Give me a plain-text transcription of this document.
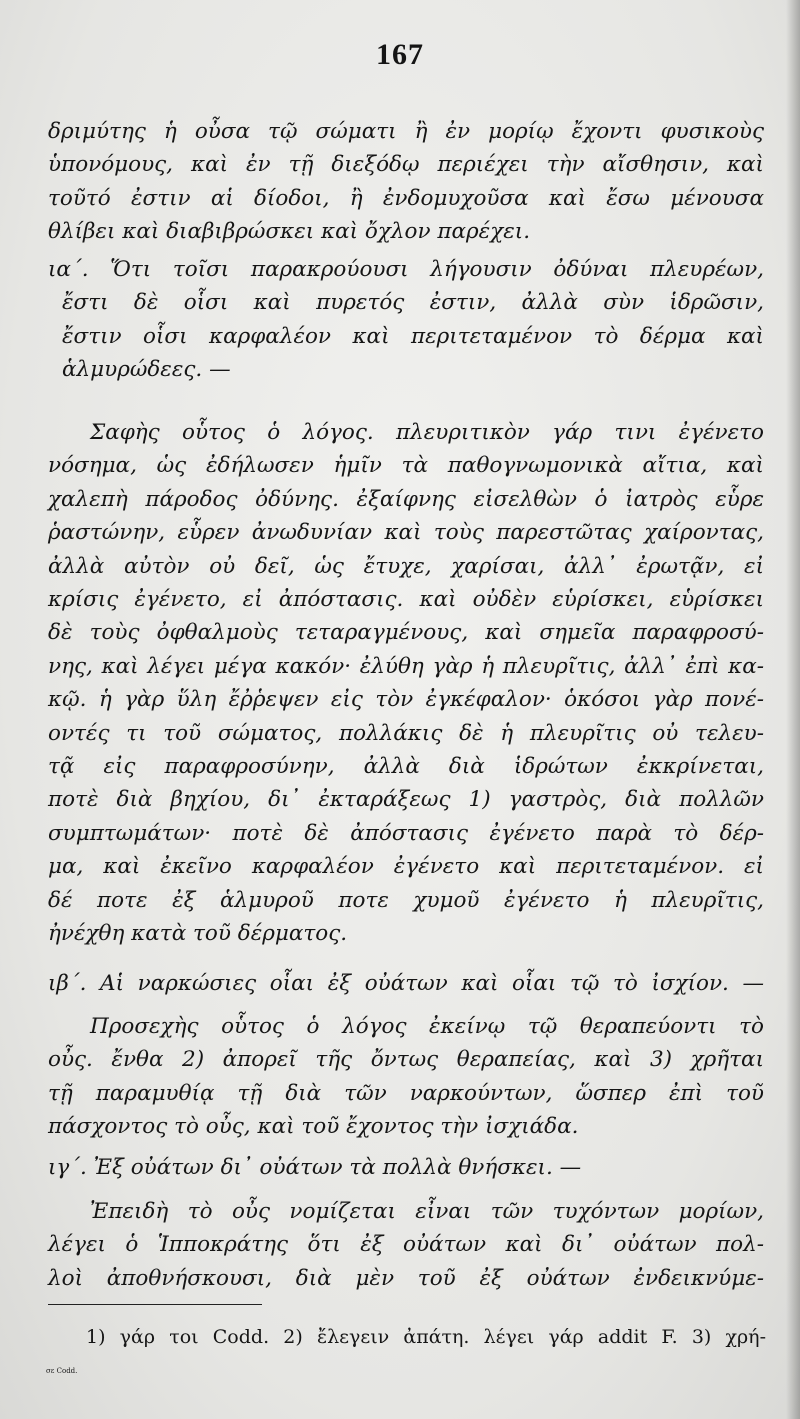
167
δριμύτης ἡ οὖσα τῷ σώματι ἢ ἐν μορίῳ ἔχοντι φυσικοὺς
ὑπονόμους, καὶ ἐν τῇ διεξόδῳ περιέχει τὴν αἴσθησιν, καὶ
τοῦτό ἐστιν αἱ δίοδοι, ἢ ἐνδομυχοῦσα καὶ ἔσω μένουσα
θλίβει καὶ διαβιβρώσκει καὶ ὄχλον παρέχει.
ια΄. Ὅτι τοῖσι παρακρούουσι λήγουσιν ὀδύναι πλευρέων,
ἔστι δὲ οἷσι καὶ πυρετός ἐστιν, ἀλλὰ σὺν ἱδρῶσιν,
ἔστιν οἷσι καρφαλέον καὶ περιτεταμένον τὸ δέρμα καὶ
ἁλμυρώδεες. —
Σαφὴς οὗτος ὁ λόγος. πλευριτικὸν γάρ τινι ἐγένετο
νόσημα, ὡς ἐδήλωσεν ἡμῖν τὰ παθογνωμονικὰ αἴτια, καὶ
χαλεπὴ πάροδος ὀδύνης. ἐξαίφνης εἰσελθὼν ὁ ἰατρὸς εὗρε
ῥαστώνην, εὗρεν ἀνωδυνίαν καὶ τοὺς παρεστῶτας χαίροντας,
ἀλλὰ αὐτὸν οὐ δεῖ, ὡς ἔτυχε, χαρίσαι, ἀλλ᾽ ἐρωτᾷν, εἰ
κρίσις ἐγένετο, εἰ ἀπόστασις. καὶ οὐδὲν εὑρίσκει, εὑρίσκει
δὲ τοὺς ὀφθαλμοὺς τεταραγμένους, καὶ σημεῖα παραφροσύ-
νης, καὶ λέγει μέγα κακόν· ἐλύθη γὰρ ἡ πλευρῖτις, ἀλλ᾽ ἐπὶ κα-
κῷ. ἡ γὰρ ὕλη ἔῤῥεψεν εἰς τὸν ἐγκέφαλον· ὁκόσοι γὰρ πονέ-
οντές τι τοῦ σώματος, πολλάκις δὲ ἡ πλευρῖτις οὐ τελευ-
τᾷ εἰς παραφροσύνην, ἀλλὰ διὰ ἱδρώτων ἐκκρίνεται,
ποτὲ διὰ βηχίου, δι᾽ ἐκταράξεως 1) γαστρὸς, διὰ πολλῶν
συμπτωμάτων· ποτὲ δὲ ἀπόστασις ἐγένετο παρὰ τὸ δέρ-
μα, καὶ ἐκεῖνο καρφαλέον ἐγένετο καὶ περιτεταμένον. εἰ
δέ ποτε ἐξ ἁλμυροῦ ποτε χυμοῦ ἐγένετο ἡ πλευρῖτις,
ἠνέχθη κατὰ τοῦ δέρματος.
ιβ΄. Αἱ ναρκώσιες οἷαι ἐξ οὐάτων καὶ οἷαι τῷ τὸ ἰσχίον. —
Προσεχὴς οὗτος ὁ λόγος ἐκείνῳ τῷ θεραπεύοντι τὸ
οὖς. ἔνθα 2) ἀπορεῖ τῆς ὄντως θεραπείας, καὶ 3) χρῆται
τῇ παραμυθίᾳ τῇ διὰ τῶν ναρκούντων, ὥσπερ ἐπὶ τοῦ
πάσχοντος τὸ οὖς, καὶ τοῦ ἔχοντος τὴν ἰσχιάδα.
ιγ΄. Ἐξ οὐάτων δι᾽ οὐάτων τὰ πολλὰ θνήσκει. —
Ἐπειδὴ τὸ οὖς νομίζεται εἶναι τῶν τυχόντων μορίων,
λέγει ὁ Ἱπποκράτης ὅτι ἐξ οὐάτων καὶ δι᾽ οὐάτων πολ-
λοὶ ἀποθνήσκουσι, διὰ μὲν τοῦ ἐξ οὐάτων ἐνδεικνύμε-
1) γάρ τοι Codd. 2) ἔλεγειν ἀπάτη. λέγει γάρ addit F. 3) χρή-
σε Codd.
